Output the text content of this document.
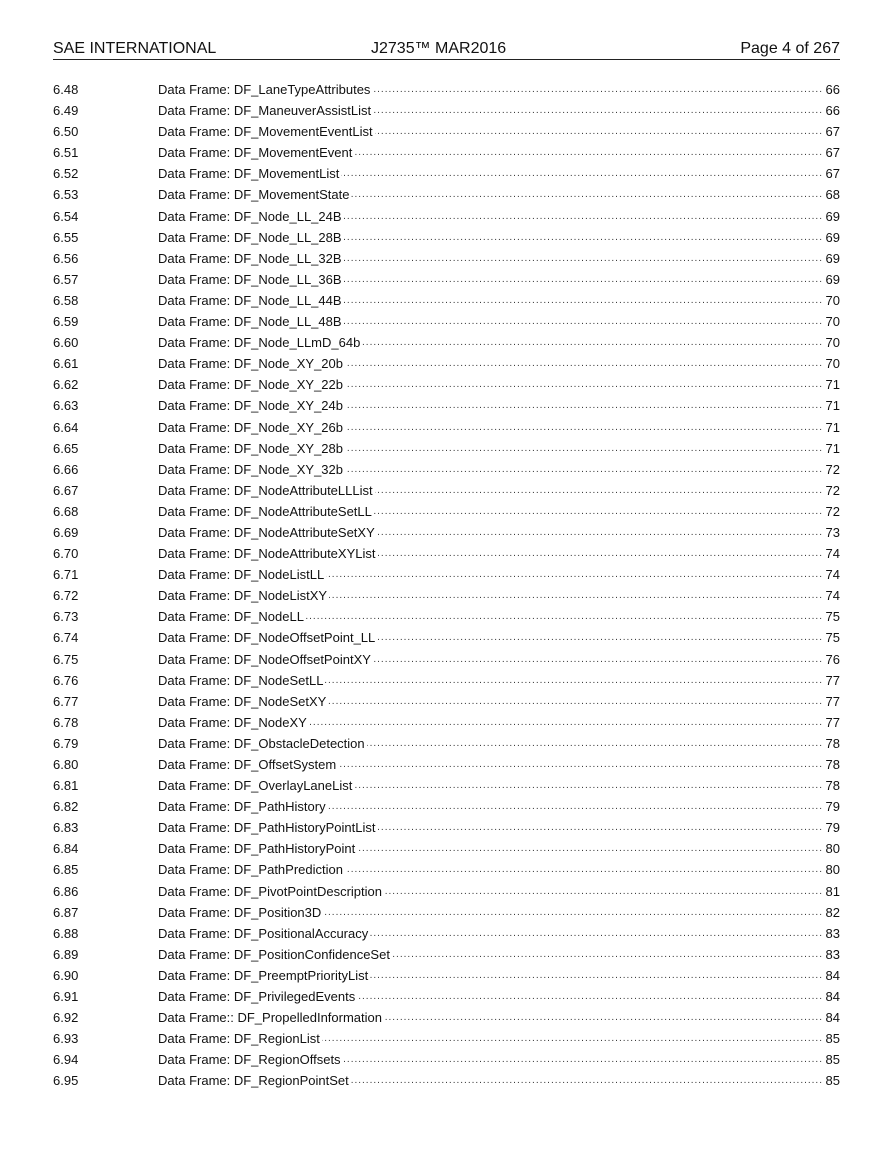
SAE INTERNATIONAL	J2735™ MAR2016	Page 4 of 267
6.48	Data Frame: DF_LaneTypeAttributes .....	66
6.49	Data Frame: DF_ManeuverAssistList .....	66
6.50	Data Frame: DF_MovementEventList .....	67
6.51	Data Frame: DF_MovementEvent .....	67
6.52	Data Frame: DF_MovementList .....	67
6.53	Data Frame: DF_MovementState .....	68
6.54	Data Frame: DF_Node_LL_24B .....	69
6.55	Data Frame: DF_Node_LL_28B .....	69
6.56	Data Frame: DF_Node_LL_32B .....	69
6.57	Data Frame: DF_Node_LL_36B .....	69
6.58	Data Frame: DF_Node_LL_44B .....	70
6.59	Data Frame: DF_Node_LL_48B .....	70
6.60	Data Frame: DF_Node_LLmD_64b .....	70
6.61	Data Frame: DF_Node_XY_20b .....	70
6.62	Data Frame: DF_Node_XY_22b .....	71
6.63	Data Frame: DF_Node_XY_24b .....	71
6.64	Data Frame: DF_Node_XY_26b .....	71
6.65	Data Frame: DF_Node_XY_28b .....	71
6.66	Data Frame: DF_Node_XY_32b .....	72
6.67	Data Frame: DF_NodeAttributeLLList .....	72
6.68	Data Frame: DF_NodeAttributeSetLL .....	72
6.69	Data Frame: DF_NodeAttributeSetXY .....	73
6.70	Data Frame: DF_NodeAttributeXYList .....	74
6.71	Data Frame: DF_NodeListLL .....	74
6.72	Data Frame: DF_NodeListXY .....	74
6.73	Data Frame: DF_NodeLL .....	75
6.74	Data Frame: DF_NodeOffsetPoint_LL .....	75
6.75	Data Frame: DF_NodeOffsetPointXY .....	76
6.76	Data Frame: DF_NodeSetLL .....	77
6.77	Data Frame: DF_NodeSetXY .....	77
6.78	Data Frame: DF_NodeXY .....	77
6.79	Data Frame: DF_ObstacleDetection .....	78
6.80	Data Frame: DF_OffsetSystem .....	78
6.81	Data Frame: DF_OverlayLaneList .....	78
6.82	Data Frame: DF_PathHistory .....	79
6.83	Data Frame: DF_PathHistoryPointList .....	79
6.84	Data Frame: DF_PathHistoryPoint .....	80
6.85	Data Frame: DF_PathPrediction .....	80
6.86	Data Frame: DF_PivotPointDescription .....	81
6.87	Data Frame: DF_Position3D .....	82
6.88	Data Frame: DF_PositionalAccuracy .....	83
6.89	Data Frame: DF_PositionConfidenceSet .....	83
6.90	Data Frame: DF_PreemptPriorityList .....	84
6.91	Data Frame: DF_PrivilegedEvents .....	84
6.92	Data Frame:: DF_PropelledInformation .....	84
6.93	Data Frame: DF_RegionList .....	85
6.94	Data Frame: DF_RegionOffsets .....	85
6.95	Data Frame: DF_RegionPointSet .....	85
